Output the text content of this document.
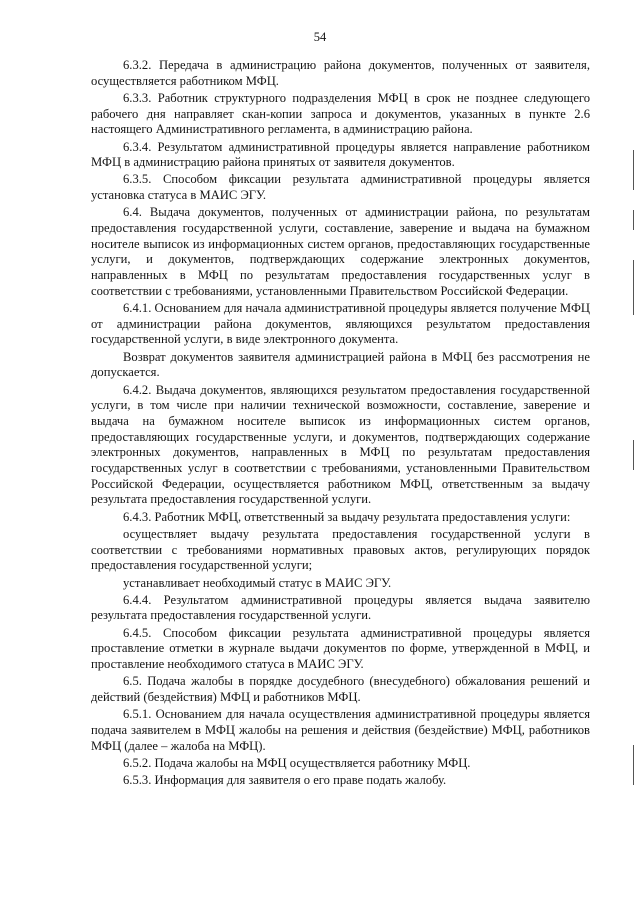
54

6.3.2. Передача в администрацию района документов, полученных от заявителя, осуществляется работником МФЦ.

6.3.3. Работник структурного подразделения МФЦ в срок не позднее следующего рабочего дня направляет скан-копии запроса и документов, указанных в пункте 2.6 настоящего Административного регламента, в администрацию района.

6.3.4. Результатом административной процедуры является направление работником МФЦ в администрацию района принятых от заявителя документов.

6.3.5. Способом фиксации результата административной процедуры является установка статуса в МАИС ЭГУ.

6.4. Выдача документов, полученных от администрации района, по результатам предоставления государственной услуги, составление, заверение и выдача на бумажном носителе выписок из информационных систем органов, предоставляющих государственные услуги, и документов, подтверждающих содержание электронных документов, направленных в МФЦ по результатам предоставления государственных услуг в соответствии с требованиями, установленными Правительством Российской Федерации.

6.4.1. Основанием для начала административной процедуры является получение МФЦ от администрации района документов, являющихся результатом предоставления государственной услуги, в виде электронного документа.

Возврат документов заявителя администрацией района в МФЦ без рассмотрения не допускается.

6.4.2. Выдача документов, являющихся результатом предоставления государственной услуги, в том числе при наличии технической возможности, составление, заверение и выдача на бумажном носителе выписок из информационных систем органов, предоставляющих государственные услуги, и документов, подтверждающих содержание электронных документов, направленных в МФЦ по результатам предоставления государственных услуг в соответствии с требованиями, установленными Правительством Российской Федерации, осуществляется работником МФЦ, ответственным за выдачу результата предоставления государственной услуги.

6.4.3. Работник МФЦ, ответственный за выдачу результата предоставления услуги:

осуществляет выдачу результата предоставления государственной услуги в соответствии с требованиями нормативных правовых актов, регулирующих порядок предоставления государственной услуги;

устанавливает необходимый статус в МАИС ЭГУ.

6.4.4. Результатом административной процедуры является выдача заявителю результата предоставления государственной услуги.

6.4.5. Способом фиксации результата административной процедуры является проставление отметки в журнале выдачи документов по форме, утвержденной в МФЦ, и проставление необходимого статуса в МАИС ЭГУ.

6.5. Подача жалобы в порядке досудебного (внесудебного) обжалования решений и действий (бездействия) МФЦ и работников МФЦ.

6.5.1. Основанием для начала осуществления административной процедуры является подача заявителем в МФЦ жалобы на решения и действия (бездействие) МФЦ, работников МФЦ (далее – жалоба на МФЦ).

6.5.2. Подача жалобы на МФЦ осуществляется работнику МФЦ.

6.5.3. Информация для заявителя о его праве подать жалобу.
